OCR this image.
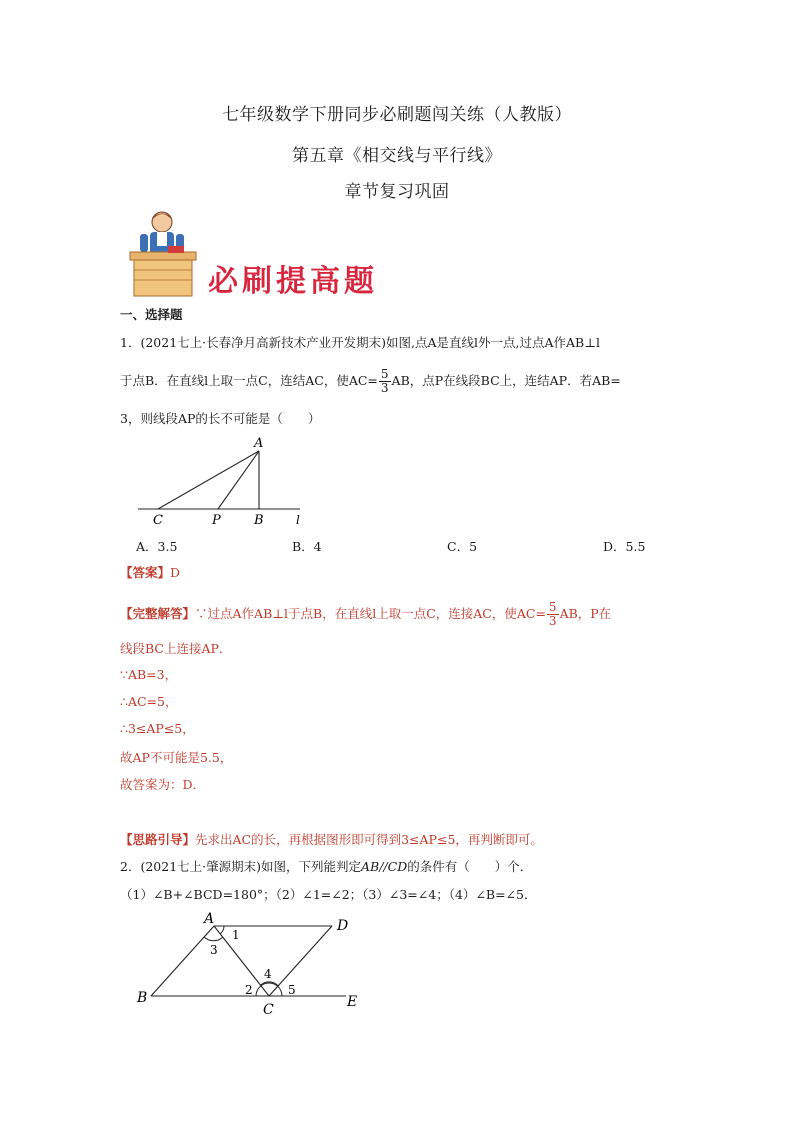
七年级数学下册同步必刷题闯关练（人教版）
第五章《相交线与平行线》
章节复习巩固
必刷提高题
一、选择题
1．(2021七上·长春净月高新技术产业开发期末)如图,点A是直线l外一点,过点A作AB⊥l
于点B．在直线l上取一点C，连结AC，使$AC= \frac{5}{3}$ AB，点P在线段BC上，连结AP．若AB=
3，则线段AP的长不可能是（　　）
A
C	P	B	l
A．3.5	B．4	C．5	D．5.5
【答案】D
【完整解答】∵过点A作AB⊥l于点B，在直线l上取一点C，连接AC，使$AC= \frac{5}{3}$ AB，P在
线段BC上连接AP．
∵AB=3，
∴AC=5，
∴3≤AP≤5，
故AP不可能是5.5，
故答案为：D．
【思路引导】先求出AC的长，再根据图形即可得到3≤AP≤5，再判断即可。
2．(2021七上·肇源期末)如图，下列能判定AB//CD的条件有（　　）个．
（1）∠B+∠BCD=180°；（2）∠1=∠2；（3）∠3=∠4；（4）∠B=∠5．
A	D
B
C	E
1
3
4
2	5
